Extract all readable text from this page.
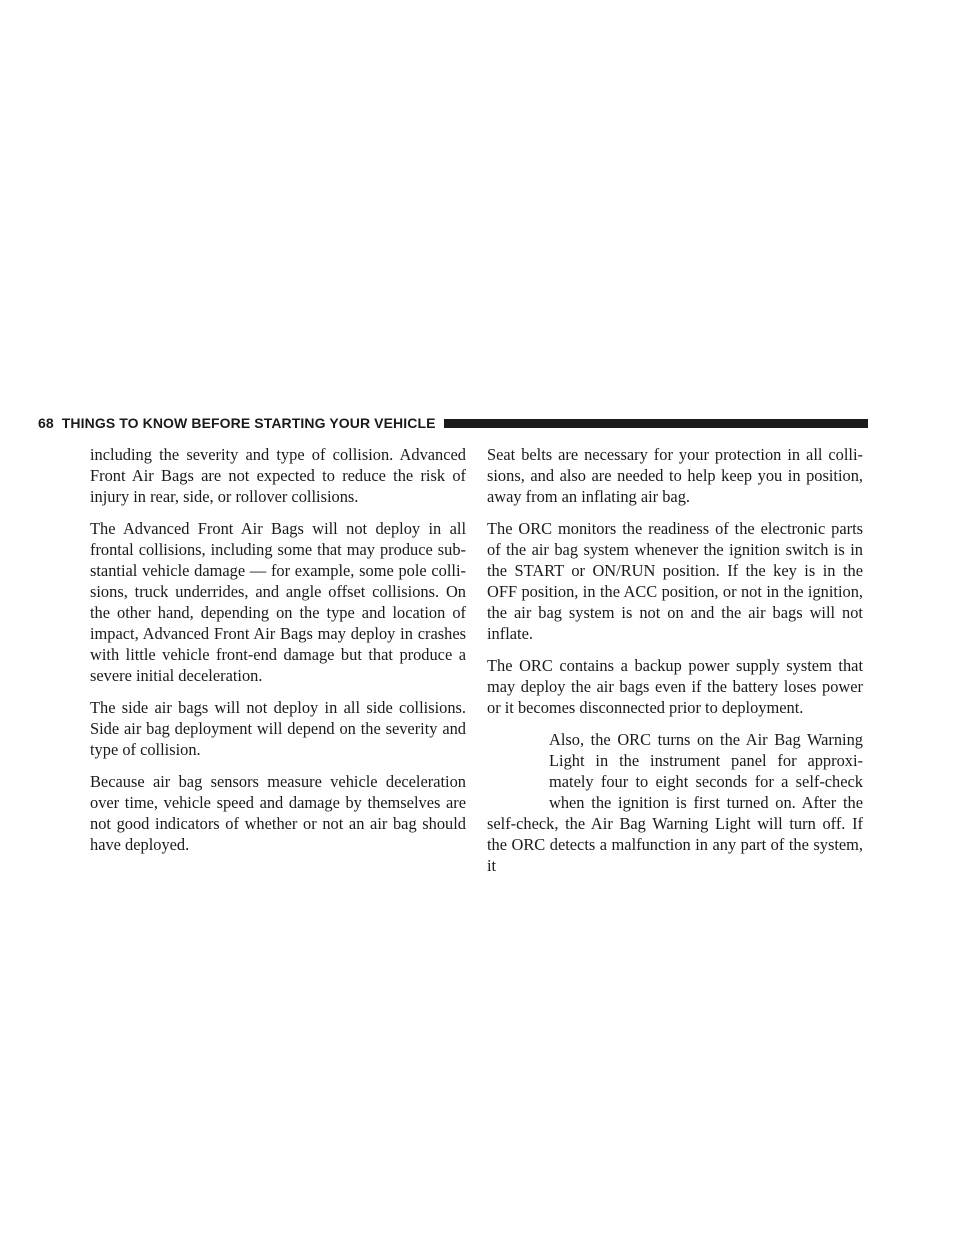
68 THINGS TO KNOW BEFORE STARTING YOUR VEHICLE

including the severity and type of collision. Advanced Front Air Bags are not expected to reduce the risk of injury in rear, side, or rollover collisions.

The Advanced Front Air Bags will not deploy in all frontal collisions, including some that may produce sub-stantial vehicle damage — for example, some pole colli-sions, truck underrides, and angle offset collisions. On the other hand, depending on the type and location of impact, Advanced Front Air Bags may deploy in crashes with little vehicle front-end damage but that produce a severe initial deceleration.

The side air bags will not deploy in all side collisions. Side air bag deployment will depend on the severity and type of collision.

Because air bag sensors measure vehicle deceleration over time, vehicle speed and damage by themselves are not good indicators of whether or not an air bag should have deployed.

Seat belts are necessary for your protection in all colli-sions, and also are needed to help keep you in position, away from an inflating air bag.

The ORC monitors the readiness of the electronic parts of the air bag system whenever the ignition switch is in the START or ON/RUN position. If the key is in the OFF position, in the ACC position, or not in the ignition, the air bag system is not on and the air bags will not inflate.

The ORC contains a backup power supply system that may deploy the air bags even if the battery loses power or it becomes disconnected prior to deployment.

Also, the ORC turns on the Air Bag Warning Light in the instrument panel for approxi-mately four to eight seconds for a self-check when the ignition is first turned on. After the self-check, the Air Bag Warning Light will turn off. If the ORC detects a malfunction in any part of the system, it
